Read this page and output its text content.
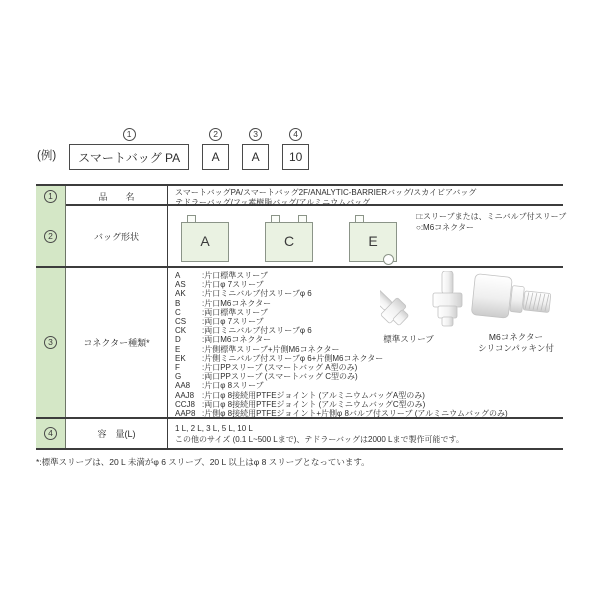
(例)
1
スマートバッグ PA
2
A
3
A
4
10
1	品　　名	スマートバッグPA/スマートバッグ2F/ANALYTIC-BARRIERバッグ/スカイビアバッグ
テドラーバッグ/フッ素樹脂バッグ/アルミニウムバッグ
2	バッグ形状	A	C	E
□:スリーブまたは、ミニバルブ付スリーブ
○:M6コネクター
3	コネクター種類*
A	:片口標準スリーブ
AS	:片口φ 7スリーブ
AK	:片口ミニバルブ付スリーブφ 6
B	:片口M6コネクター
C	:両口標準スリーブ
CS	:両口φ 7スリーブ
CK	:両口ミニバルブ付スリーブφ 6
D	:両口M6コネクター
E	:片側標準スリーブ+片側M6コネクター
EK	:片側ミニバルブ付スリーブφ 6+片側M6コネクター
F	:片口PPスリーブ (スマートバッグ A型のみ)
G	:両口PPスリーブ (スマートバッグ C型のみ)
AA8	:片口φ 8スリーブ
AAJ8 :片口φ 8接続用PTFEジョイント (アルミニウムバッグA型のみ)
CCJ8 :両口φ 8接続用PTFEジョイント (アルミニウムバッグC型のみ)
AAP8 :片側φ 8接続用PTFEジョイント+片側φ 8バルブ付スリーブ (アルミニウムバッグのみ)
標準スリーブ	M6コネクター
シリコンパッキン付
4	容　量(L)
1 L, 2 L, 3 L, 5 L, 10 L
この他のサイズ (0.1 L~500 Lまで)、テドラーバッグは2000 Lまで製作可能です。
*:標準スリーブは、20 L 未満がφ 6 スリーブ、20 L 以上はφ 8 スリーブとなっています。
